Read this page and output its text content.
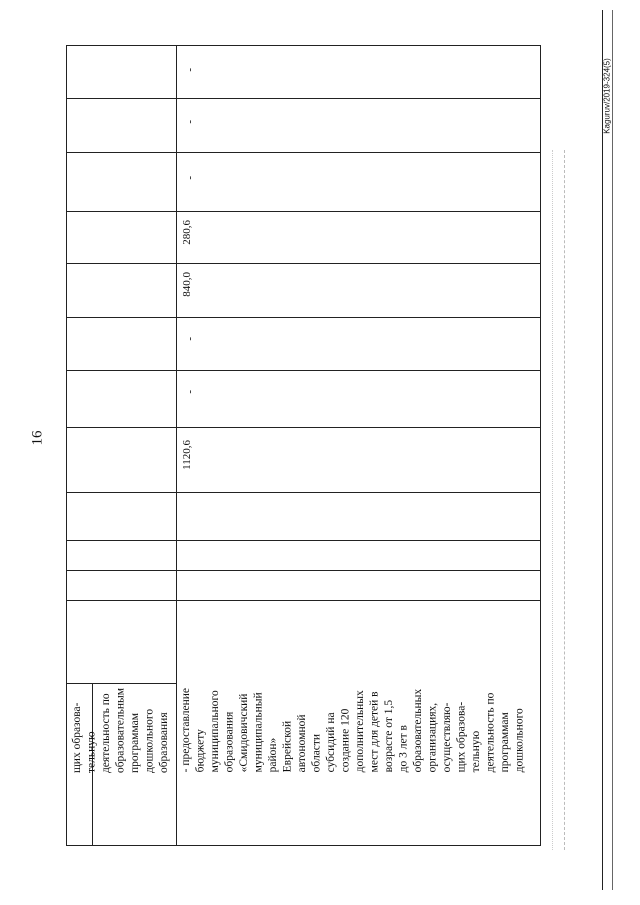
16
Kaguruv/2019-324(5)
щих образова-
тельную
деятельность по
образовательным
программам
дошкольного
образования - предоставление
бюджету
муниципального
образования
«Смидовичский
муниципальный
район»
Еврейской
автономной
области
субсидий на
создание 120
дополнительных
мест для детей в
возрасте от 1,5
до 3 лет в
образовательных
организациях,
осуществляю-
щих образова-
тельную
деятельность по
программам
дошкольного
1120,6
-
-
840,0
280,6
-
-
-
